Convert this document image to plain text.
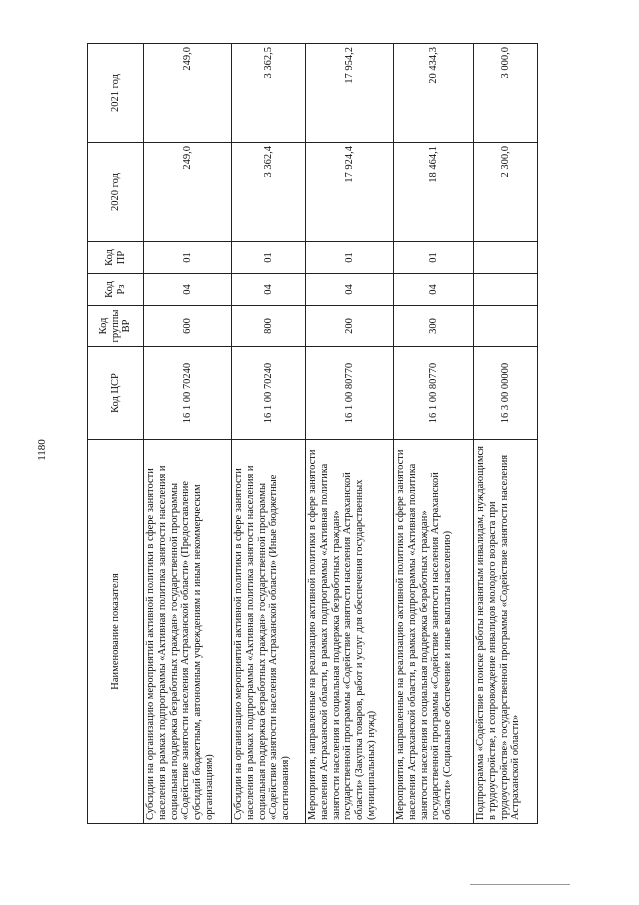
1180
Наименование показателя	Код ЦСР	Код группы ВР	Код Рз	Код ПР	2020 год	2021 год
Субсидии на организацию мероприятий активной политики в сфере занятости населения в рамках подпрограммы «Активная политика занятости населения и социальная поддержка безработных граждан» государственной программы «Содействие занятости населения Астраханской области» (Предоставление субсидий бюджетным, автономным учреждениям и иным некоммерческим организациям)	16 1 00 70240	600	04	01	249,0	249,0
Субсидии на организацию мероприятий активной политики в сфере занятости населения в рамках подпрограммы «Активная политика занятости населения и социальная поддержка безработных граждан» государственной программы «Содействие занятости населения Астраханской области» (Иные бюджетные ассигнования)	16 1 00 70240	800	04	01	3 362,4	3 362,5
Мероприятия, направленные на реализацию активной политики в сфере занятости населения Астраханской области, в рамках подпрограммы «Активная политика занятости населения и социальная поддержка безработных граждан» государственной программы «Содействие занятости населения Астраханской области» (Закупка товаров, работ и услуг для обеспечения государственных (муниципальных) нужд)	16 1 00 80770	200	04	01	17 924,4	17 954,2
Мероприятия, направленные на реализацию активной политики в сфере занятости населения Астраханской области, в рамках подпрограммы «Активная политика занятости населения и социальная поддержка безработных граждан» государственной программы «Содействие занятости населения Астраханской области» (Социальное обеспечение и иные выплаты населению)	16 1 00 80770	300	04	01	18 464,1	20 434,3
Подпрограмма «Содействие в поиске работы незанятым инвалидам, нуждающимся в трудоустройстве, и сопровождение инвалидов молодого возраста при трудоустройстве» государственной программы «Содействие занятости населения Астраханской области»	16 3 00 00000				2 300,0	3 000,0
